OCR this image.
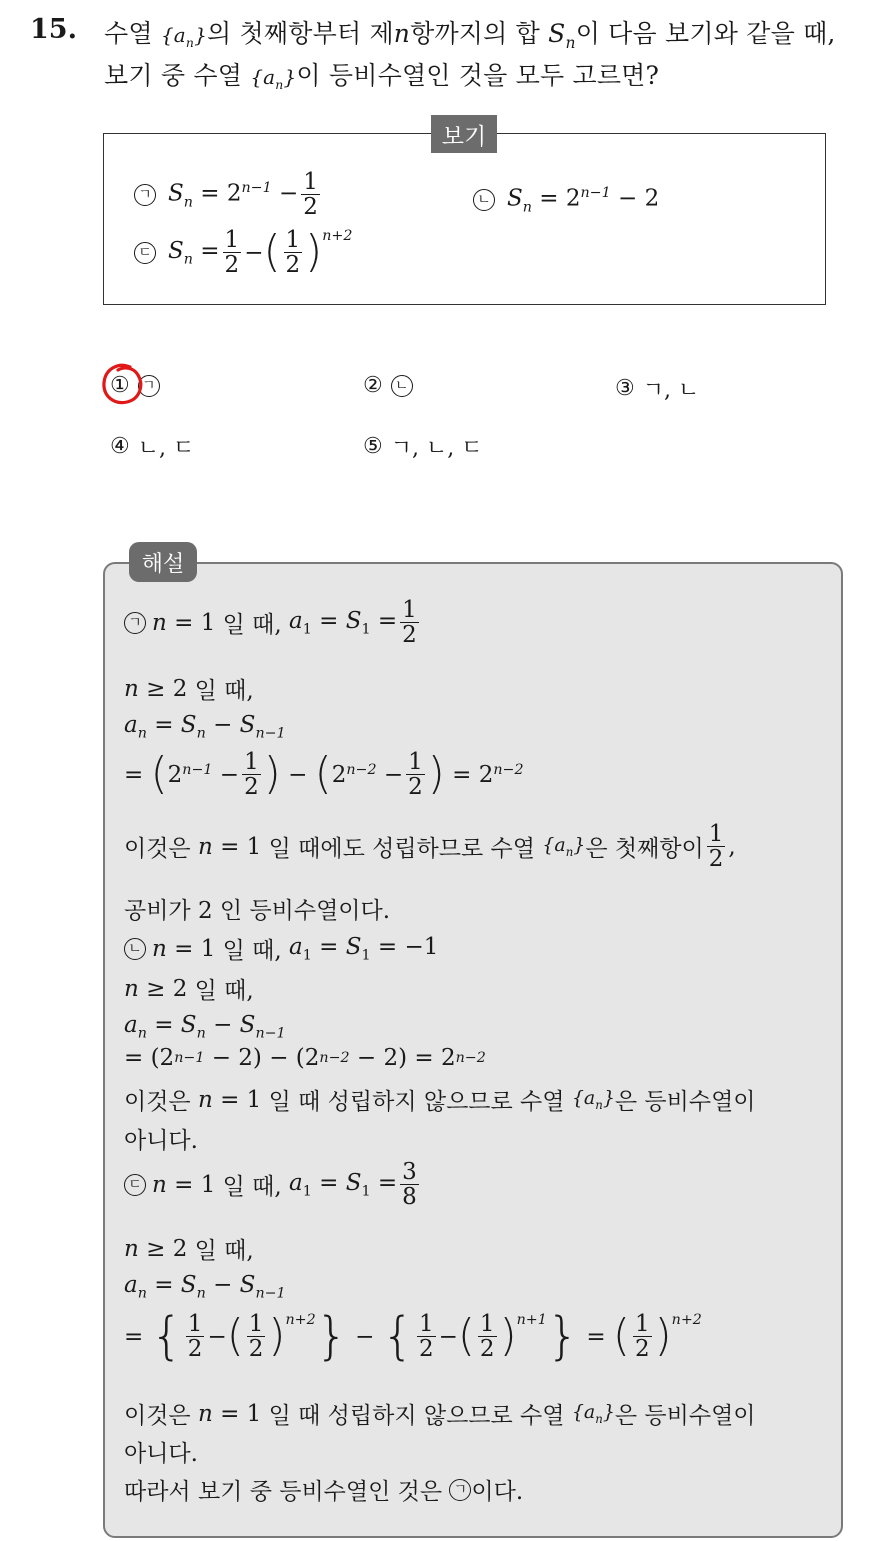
15. 수열 $\{a_n\}$의 첫째항부터 제n항까지의 합 $S_n$이 다음 보기와 같을 때,
보기 중 수열 $\{a_n\}$이 등비수열인 것을 모두 고르면?
보기
ㄱ $S_n = 2^{n-1} - \frac{1}{2}$	ㄴ $S_n = 2^{n-1} - 2$
ㄷ $S_n = \frac{1}{2}$ − ( $\frac{1}{2} )^{n+2}$
① ㄱ	② ㄴ	③ ㄱ, ㄴ
④ ㄴ, ㄷ	⑤ ㄱ, ㄴ, ㄷ
해설
ㄱ n = 1
일 때,
$a_1 = S_1 = \frac{1}{2}$
n ≥ 2
일 때,
$a_n = S_n - S_{n-1}$
=
( $2^{n-1}$
− $\frac{1}{2}$ )
−
( $2^{n-2}$
− $\frac{1}{2}$ )
= $2^{n-2}$
이것은
n = 1
일 때에도 성립하므로 수열
$\{a_n\}$ 은 첫째항이 $\frac{1}{2}$ ,
공비가 2 인 등비수열이다.
ㄴ n = 1
일 때,
$a_1 = S_1 = -1$
n ≥ 2
일 때,
$a_n = S_n - S_{n-1}$
= (2 n−1 − 2) − (2 n−2 − 2) = 2 n−2
이것은
n = 1
일 때 성립하지 않으므로 수열
$\{a_n\}$ 은 등비수열이
아니다.
ㄷ n = 1
일 때,
$a_1 = S_1 = \frac{3}{8}$
n ≥ 2
일 때,
$a_n = S_n - S_{n-1}$
=
{ $\frac{1}{2}$ − ( $\frac{1}{2} )^{n+2}$ }
−
{ $\frac{1}{2}$ − ( $\frac{1}{2} )^{n+1}$ }
=
( $\frac{1}{2} )^{n+2}$
이것은
n = 1
일 때 성립하지 않으므로 수열
$\{a_n\}$ 은 등비수열이
아니다.
따라서 보기 중 등비수열인 것은
ㄱ 이다.
